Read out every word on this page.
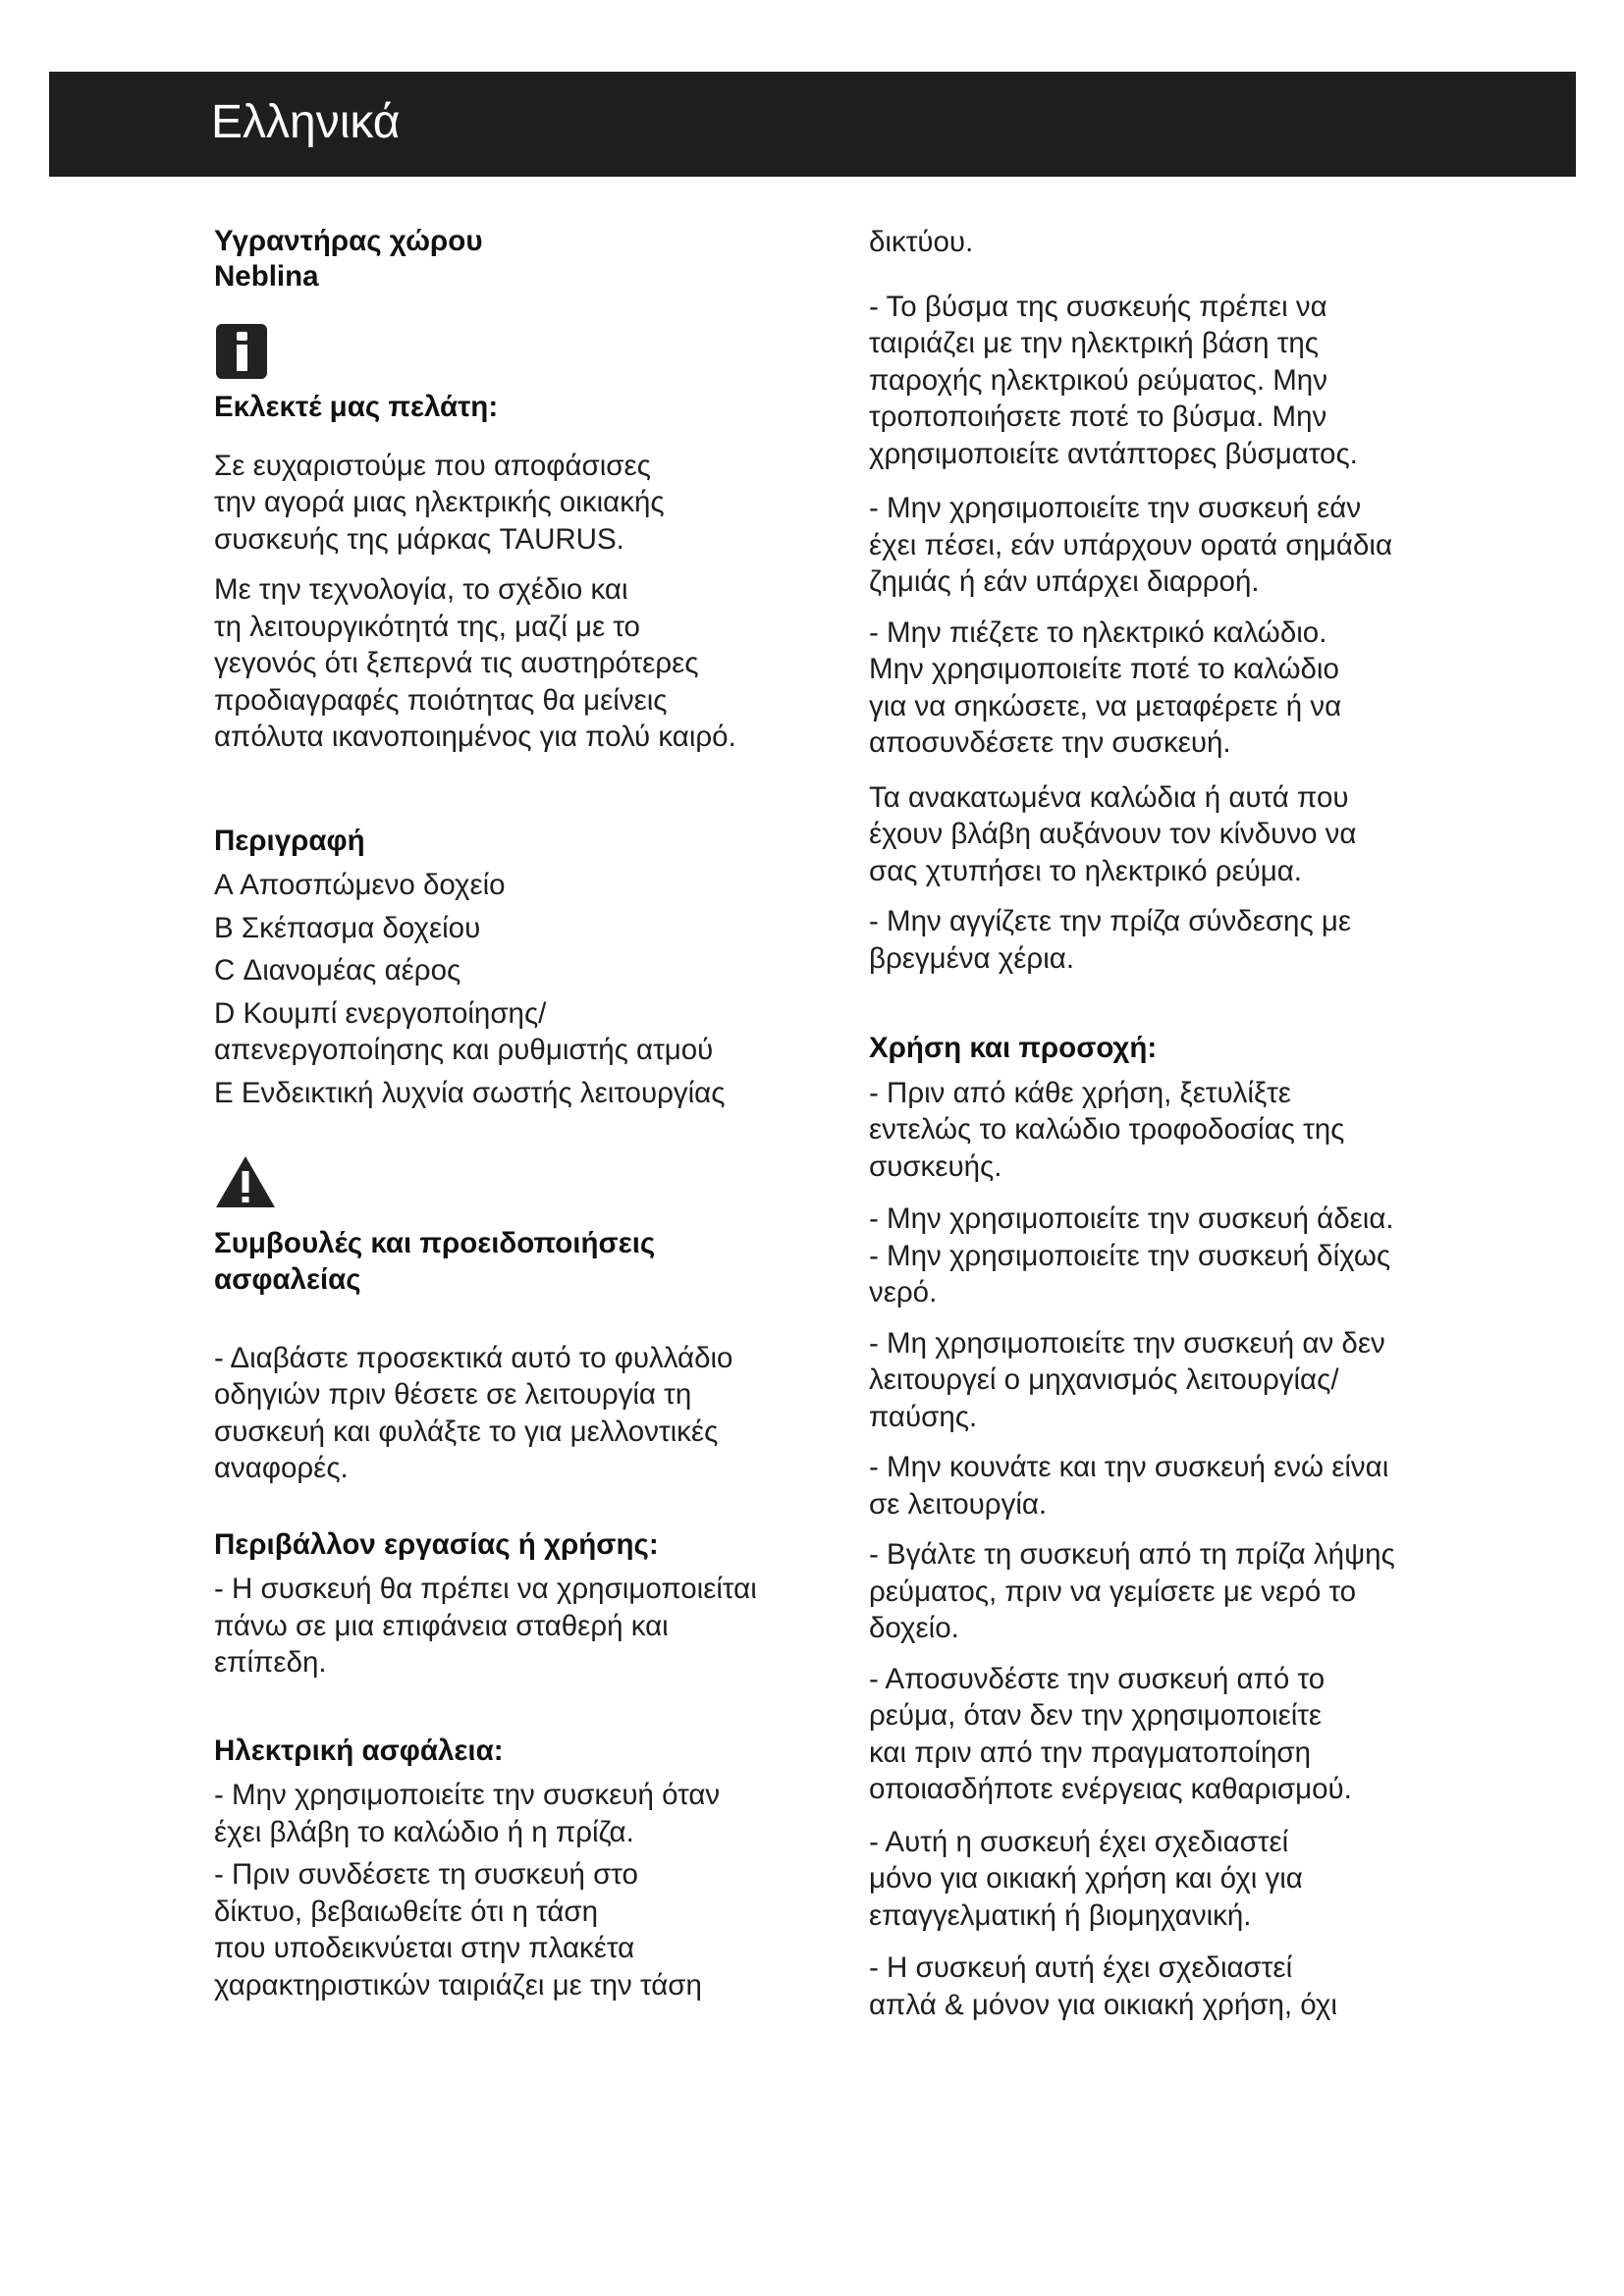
Ελληνικά

Υγραντήρας χώρου
Neblina

Εκλεκτέ μας πελάτη:

Σε ευχαριστούμε που αποφάσισες
την αγορά μιας ηλεκτρικής οικιακής
συσκευής της μάρκας TAURUS.

Με την τεχνολογία, το σχέδιο και
τη λειτουργικότητά της, μαζί με το
γεγονός ότι ξεπερνά τις αυστηρότερες
προδιαγραφές ποιότητας θα μείνεις
απόλυτα ικανοποιημένος για πολύ καιρό.

Περιγραφή

A Αποσπώμενο δοχείο

B Σκέπασμα δοχείου

C Διανομέας αέρος

D Κουμπί ενεργοποίησης/
απενεργοποίησης και ρυθμιστής ατμού

E Ενδεικτική λυχνία σωστής λειτουργίας

Συμβουλές και προειδοποιήσεις
ασφαλείας

- Διαβάστε προσεκτικά αυτό το φυλλάδιο
οδηγιών πριν θέσετε σε λειτουργία τη
συσκευή και φυλάξτε το για μελλοντικές
αναφορές.

Περιβάλλον εργασίας ή χρήσης:

- Η συσκευή θα πρέπει να χρησιμοποιείται
πάνω σε μια επιφάνεια σταθερή και
επίπεδη.

Ηλεκτρική ασφάλεια:

- Μην χρησιμοποιείτε την συσκευή όταν
έχει βλάβη το καλώδιο ή η πρίζα.

- Πριν συνδέσετε τη συσκευή στο
δίκτυο, βεβαιωθείτε ότι η τάση
που υποδεικνύεται στην πλακέτα
χαρακτηριστικών ταιριάζει με την τάση

δικτύου.

- Το βύσμα της συσκευής πρέπει να
ταιριάζει με την ηλεκτρική βάση της
παροχής ηλεκτρικού ρεύματος. Μην
τροποποιήσετε ποτέ το βύσμα. Μην
χρησιμοποιείτε αντάπτορες βύσματος.

- Μην χρησιμοποιείτε την συσκευή εάν
έχει πέσει, εάν υπάρχουν ορατά σημάδια
ζημιάς ή εάν υπάρχει διαρροή.

- Μην πιέζετε το ηλεκτρικό καλώδιο.
Μην χρησιμοποιείτε ποτέ το καλώδιο
για να σηκώσετε, να μεταφέρετε ή να
αποσυνδέσετε την συσκευή.

Τα ανακατωμένα καλώδια ή αυτά που
έχουν βλάβη αυξάνουν τον κίνδυνο να
σας χτυπήσει το ηλεκτρικό ρεύμα.

- Μην αγγίζετε την πρίζα σύνδεσης με
βρεγμένα χέρια.

Χρήση και προσοχή:

- Πριν από κάθε χρήση, ξετυλίξτε
εντελώς το καλώδιο τροφοδοσίας της
συσκευής.

- Μην χρησιμοποιείτε την συσκευή άδεια.

- Μην χρησιμοποιείτε την συσκευή δίχως
νερό.

- Μη χρησιμοποιείτε την συσκευή αν δεν
λειτουργεί ο μηχανισμός λειτουργίας/
παύσης.

- Μην κουνάτε και την συσκευή ενώ είναι
σε λειτουργία.

- Βγάλτε τη συσκευή από τη πρίζα λήψης
ρεύματος, πριν να γεμίσετε με νερό το
δοχείο.

- Αποσυνδέστε την συσκευή από το
ρεύμα, όταν δεν την χρησιμοποιείτε
και πριν από την πραγματοποίηση
οποιασδήποτε ενέργειας καθαρισμού.

- Αυτή η συσκευή έχει σχεδιαστεί
μόνο για οικιακή χρήση και όχι για
επαγγελματική ή βιομηχανική.

- Η συσκευή αυτή έχει σχεδιαστεί
απλά & μόνον για οικιακή χρήση, όχι
